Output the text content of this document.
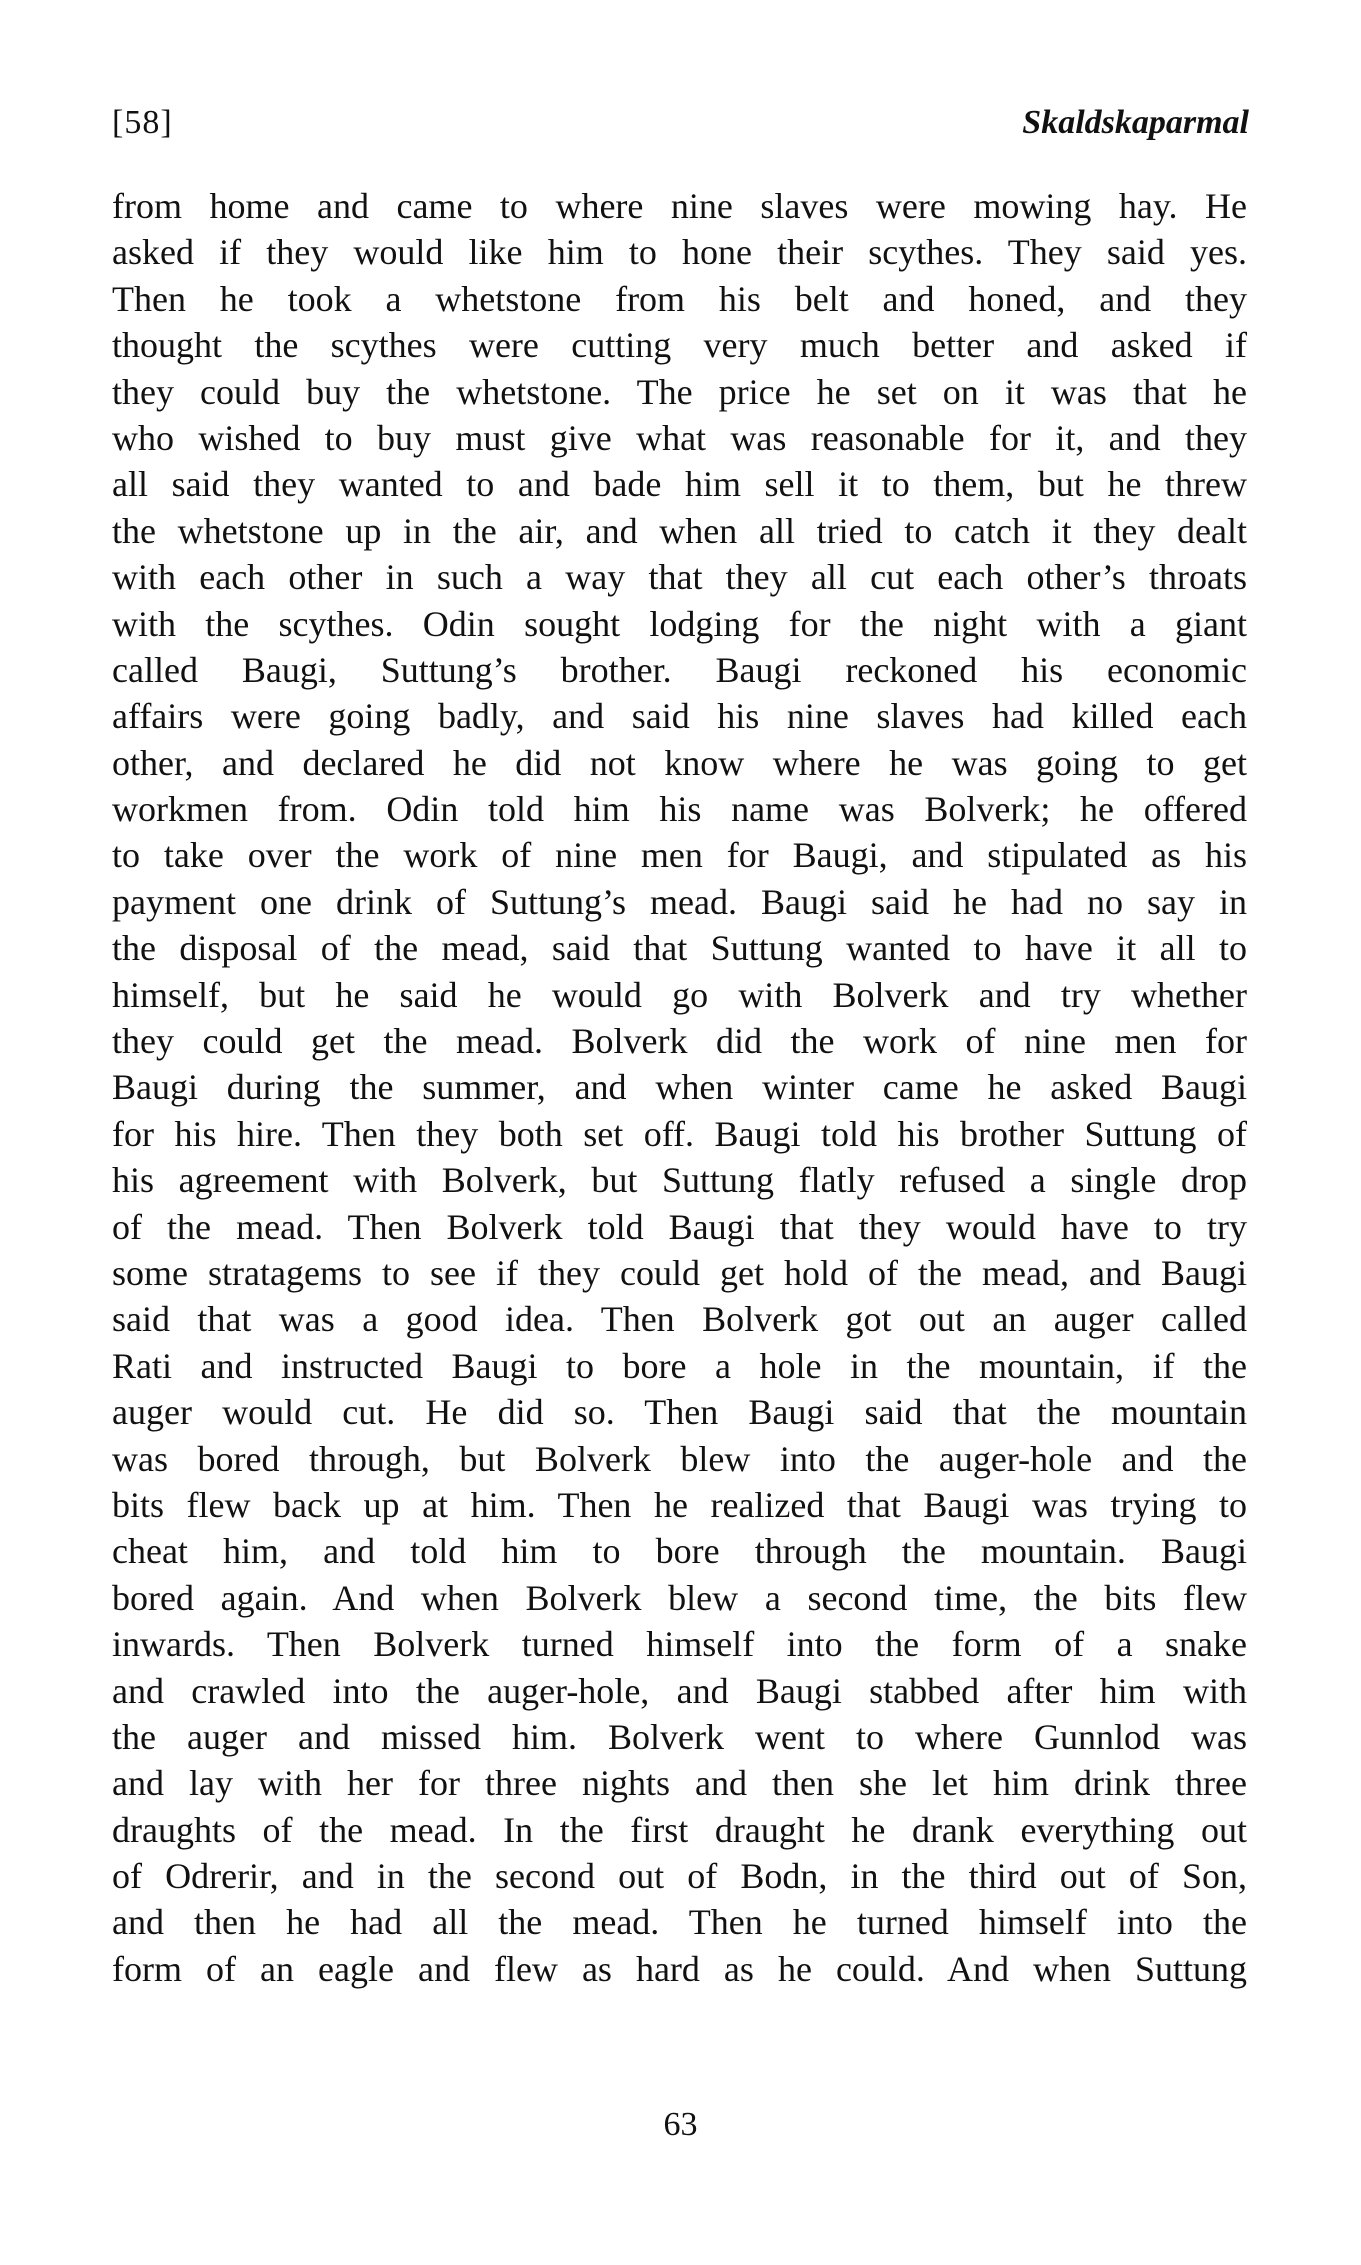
[58]	Skaldskaparmal
from home and came to where nine slaves were mowing hay. He
asked if they would like him to hone their scythes. They said yes.
Then he took a whetstone from his belt and honed, and they
thought the scythes were cutting very much better and asked if
they could buy the whetstone. The price he set on it was that he
who wished to buy must give what was reasonable for it, and they
all said they wanted to and bade him sell it to them, but he threw
the whetstone up in the air, and when all tried to catch it they dealt
with each other in such a way that they all cut each other’s throats
with the scythes. Odin sought lodging for the night with a giant
called Baugi, Suttung’s brother. Baugi reckoned his economic
affairs were going badly, and said his nine slaves had killed each
other, and declared he did not know where he was going to get
workmen from. Odin told him his name was Bolverk; he offered
to take over the work of nine men for Baugi, and stipulated as his
payment one drink of Suttung’s mead. Baugi said he had no say in
the disposal of the mead, said that Suttung wanted to have it all to
himself, but he said he would go with Bolverk and try whether
they could get the mead. Bolverk did the work of nine men for
Baugi during the summer, and when winter came he asked Baugi
for his hire. Then they both set off. Baugi told his brother Suttung of
his agreement with Bolverk, but Suttung flatly refused a single drop
of the mead. Then Bolverk told Baugi that they would have to try
some stratagems to see if they could get hold of the mead, and Baugi
said that was a good idea. Then Bolverk got out an auger called
Rati and instructed Baugi to bore a hole in the mountain, if the
auger would cut. He did so. Then Baugi said that the mountain
was bored through, but Bolverk blew into the auger-hole and the
bits flew back up at him. Then he realized that Baugi was trying to
cheat him, and told him to bore through the mountain. Baugi
bored again. And when Bolverk blew a second time, the bits flew
inwards. Then Bolverk turned himself into the form of a snake
and crawled into the auger-hole, and Baugi stabbed after him with
the auger and missed him. Bolverk went to where Gunnlod was
and lay with her for three nights and then she let him drink three
draughts of the mead. In the first draught he drank everything out
of Odrerir, and in the second out of Bodn, in the third out of Son,
and then he had all the mead. Then he turned himself into the
form of an eagle and flew as hard as he could. And when Suttung
63
